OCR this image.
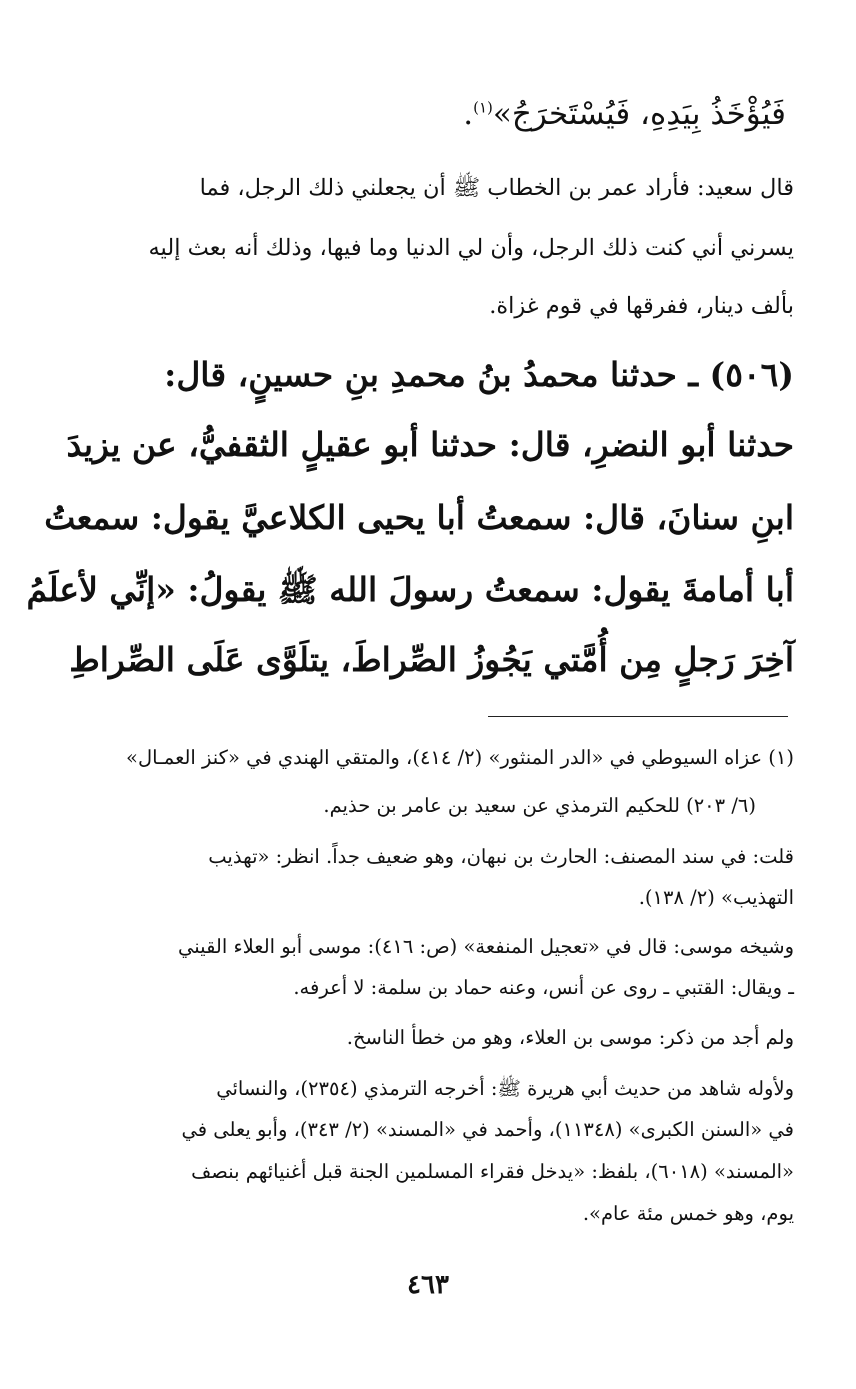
فَيُؤْخَذُ بِيَدِهِ، فَيُسْتَخرَجُ»$^{(١)}$.
قال سعيد: فأراد عمر بن الخطاب ﷺ أن يجعلني ذلك الرجل، فما
يسرني أني كنت ذلك الرجل، وأن لي الدنيا وما فيها، وذلك أنه بعث إليه
بألف دينار، ففرقها في قوم غزاة.
(٥٠٦) ـ حدثنا محمدُ بنُ محمدِ بنِ حسينٍ، قال:
حدثنا أبو النضرِ، قال: حدثنا أبو عقيلٍ الثقفيُّ، عن يزيدَ
ابنِ سنانَ، قال: سمعتُ أبا يحيى الكلاعيَّ يقول: سمعتُ
أبا أمامةَ يقول: سمعتُ رسولَ الله ﷺ يقولُ: «إنِّي لأعلَمُ
آخِرَ رَجلٍ مِن أُمَّتي يَجُوزُ الصِّراطَ، يتلَوَّى عَلَى الصِّراطِ
(١) عزاه السيوطي في «الدر المنثور» (٢/ ٤١٤)، والمتقي الهندي في «كنز العمـال»
(٦/ ٢٠٣) للحكيم الترمذي عن سعيد بن عامر بن حذيم.
قلت: في سند المصنف: الحارث بن نبهان، وهو ضعيف جداً. انظر: «تهذيب
التهذيب» (٢/ ١٣٨).
وشيخه موسى: قال في «تعجيل المنفعة» (ص: ٤١٦): موسى أبو العلاء القيني
ـ ويقال: القتبي ـ روى عن أنس، وعنه حماد بن سلمة: لا أعرفه.
ولم أجد من ذكر: موسى بن العلاء، وهو من خطأ الناسخ.
ولأوله شاهد من حديث أبي هريرة ﷺ: أخرجه الترمذي (٢٣٥٤)، والنسائي
في «السنن الكبرى» (١١٣٤٨)، وأحمد في «المسند» (٢/ ٣٤٣)، وأبو يعلى في
«المسند» (٦٠١٨)، بلفظ: «يدخل فقراء المسلمين الجنة قبل أغنيائهم بنصف
يوم، وهو خمس مئة عام».
٤٦٣
